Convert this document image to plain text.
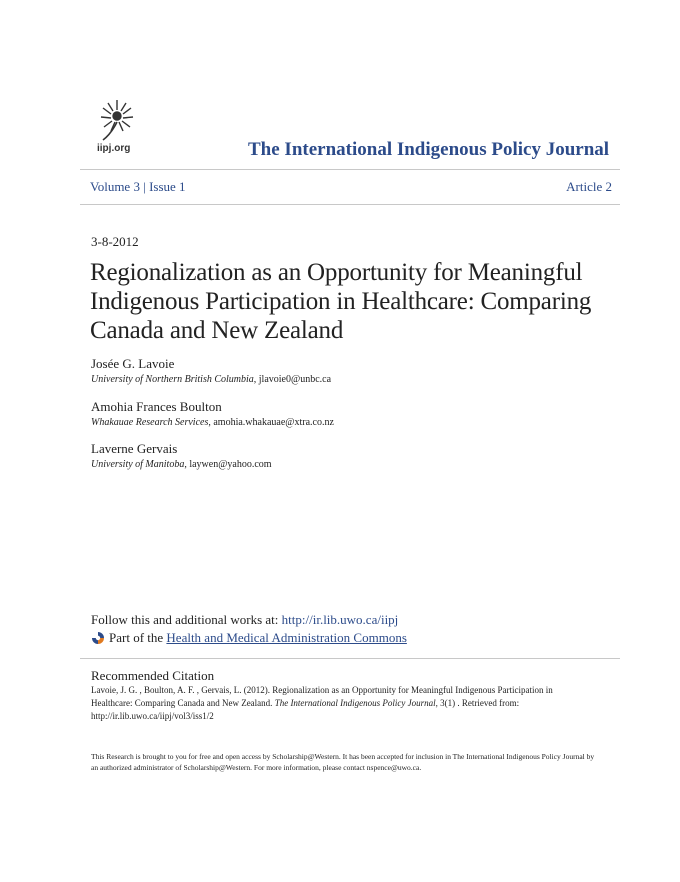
iipj.org	The International Indigenous Policy Journal
Volume 3 | Issue 1	Article 2
3-8-2012
Regionalization as an Opportunity for Meaningful Indigenous Participation in Healthcare: Comparing Canada and New Zealand
Josée G. Lavoie
University of Northern British Columbia, jlavoie0@unbc.ca
Amohia Frances Boulton
Whakauae Research Services, amohia.whakauae@xtra.co.nz
Laverne Gervais
University of Manitoba, laywen@yahoo.com
Follow this and additional works at: http://ir.lib.uwo.ca/iipj
Part of the
Health and Medical Administration Commons
Recommended Citation
Lavoie, J. G. , Boulton, A. F. , Gervais, L. (2012). Regionalization as an Opportunity for Meaningful Indigenous Participation in Healthcare: Comparing Canada and New Zealand. The International Indigenous Policy Journal, 3(1) . Retrieved from: http://ir.lib.uwo.ca/iipj/vol3/iss1/2
This Research is brought to you for free and open access by Scholarship@Western. It has been accepted for inclusion in The International Indigenous Policy Journal by an authorized administrator of Scholarship@Western. For more information, please contact nspence@uwo.ca.
